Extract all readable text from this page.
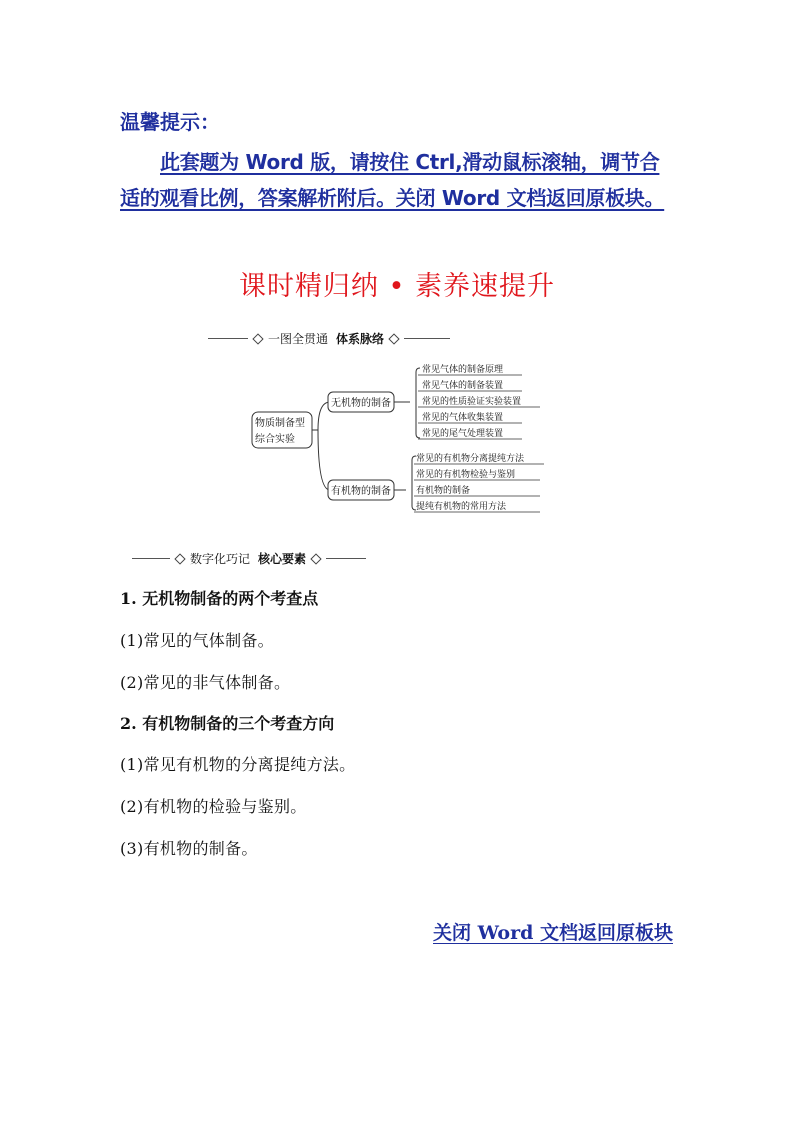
温馨提示：
此套题为 Word 版，请按住 Ctrl,滑动鼠标滚轴，调节合适的观看比例，答案解析附后。关闭 Word 文档返回原板块。
课时精归纳 • 素养速提升
一图全贯通 体系脉络
物质制备型
综合实验
无机物的制备
常见气体的制备原理
常见气体的制备装置
常见的性质验证实验装置
常见的气体收集装置
常见的尾气处理装置
有机物的制备
常见的有机物分离提纯方法
常见的有机物检验与鉴别
有机物的制备
提纯有机物的常用方法
数字化巧记 核心要素
1. 无机物制备的两个考查点
(1)常见的气体制备。
(2)常见的非气体制备。
2. 有机物制备的三个考查方向
(1)常见有机物的分离提纯方法。
(2)有机物的检验与鉴别。
(3)有机物的制备。
关闭 Word 文档返回原板块
